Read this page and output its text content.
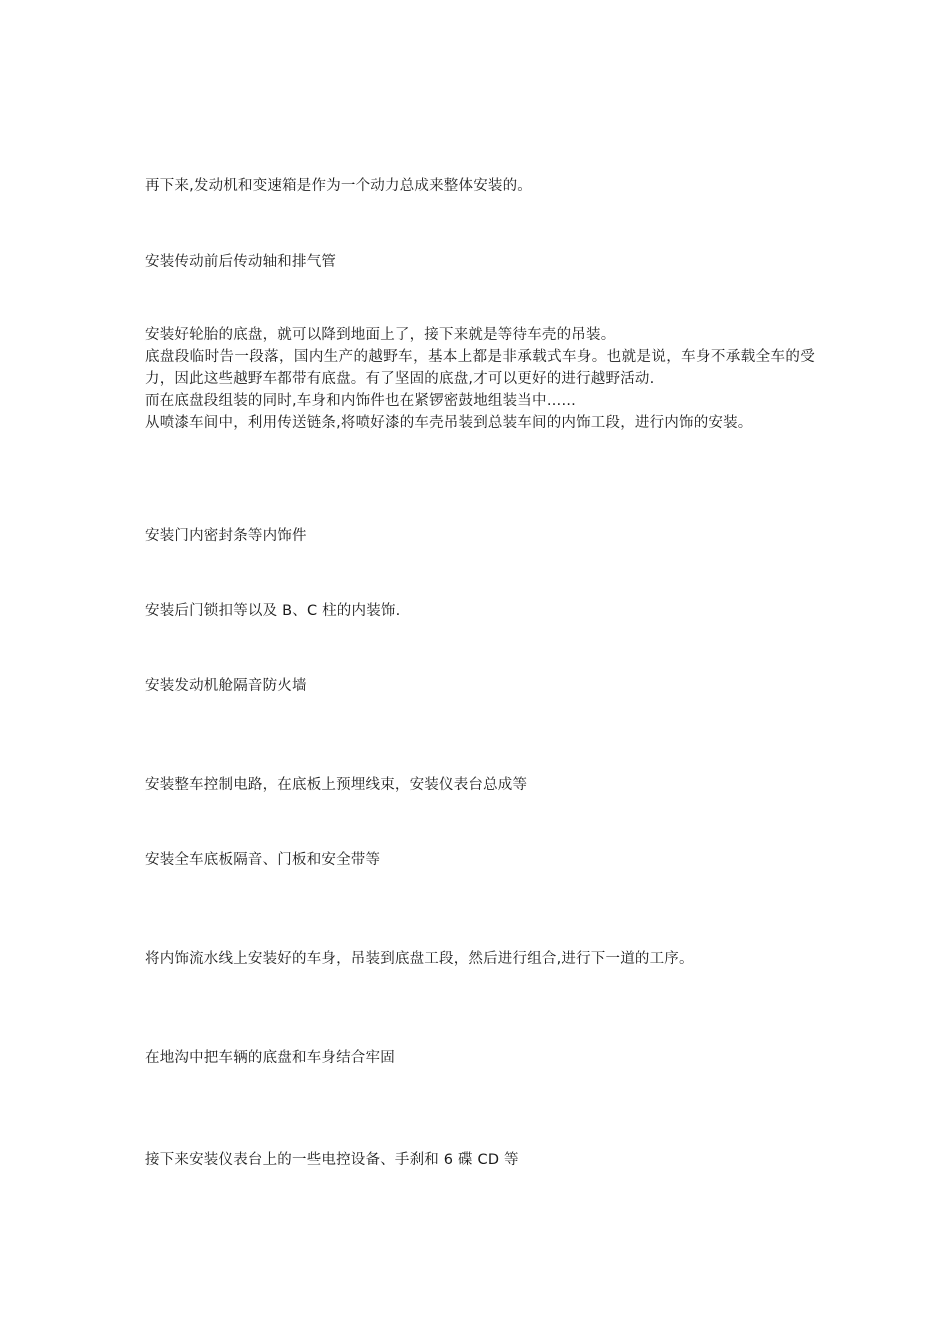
再下来,发动机和变速箱是作为一个动力总成来整体安装的。
安装传动前后传动轴和排气管

安装好轮胎的底盘，就可以降到地面上了，接下来就是等待车壳的吊装。

底盘段临时告一段落，国内生产的越野车，基本上都是非承载式车身。也就是说，车身不承载全车的受力，因此这些越野车都带有底盘。有了坚固的底盘,才可以更好的进行越野活动.

而在底盘段组装的同时,车身和内饰件也在紧锣密鼓地组装当中……

从喷漆车间中，利用传送链条,将喷好漆的车壳吊装到总装车间的内饰工段，进行内饰的安装。

安装门内密封条等内饰件
安装后门锁扣等以及 B、C 柱的内装饰.
安装发动机舱隔音防火墙
安装整车控制电路，在底板上预埋线束，安装仪表台总成等
安装全车底板隔音、门板和安全带等
将内饰流水线上安装好的车身，吊装到底盘工段，然后进行组合,进行下一道的工序。
在地沟中把车辆的底盘和车身结合牢固
接下来安装仪表台上的一些电控设备、手刹和 6 碟 CD 等
